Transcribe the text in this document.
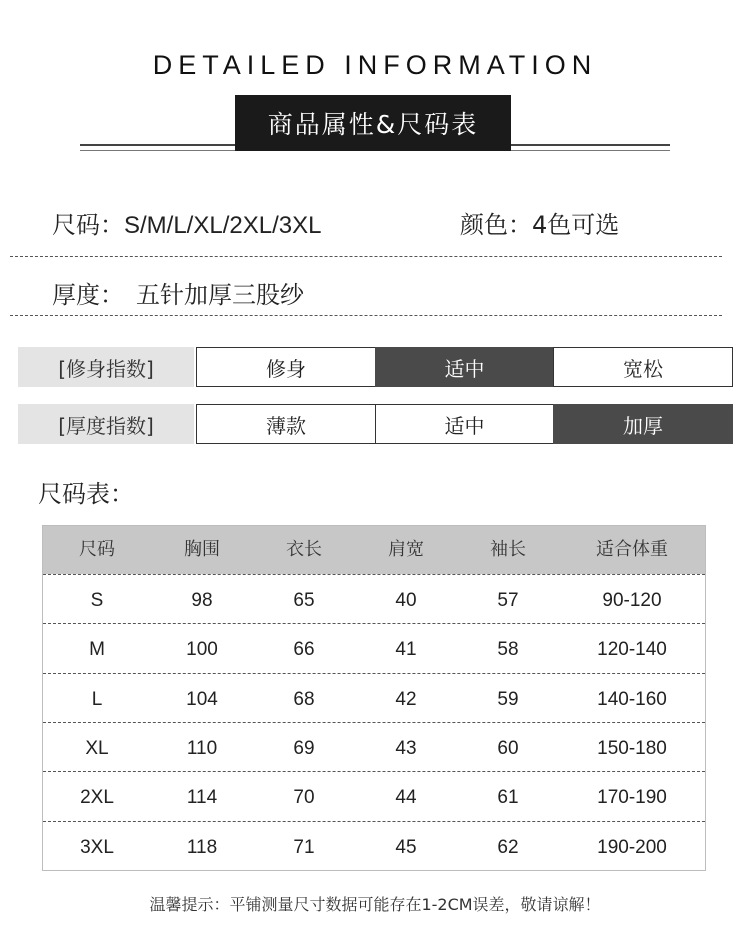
DETAILED INFORMATION
商品属性&尺码表
尺码：S/M/L/XL/2XL/3XL	颜色：4色可选
厚度： 五针加厚三股纱
[修身指数]	修身	适中	宽松
[厚度指数]	薄款	适中	加厚
尺码表：
尺码	胸围	衣长	肩宽	袖长	适合体重
S	98	65	40	57	90-120
M	100	66	41	58	120-140
L	104	68	42	59	140-160
XL	110	69	43	60	150-180
2XL	114	70	44	61	170-190
3XL	118	71	45	62	190-200
温馨提示：平铺测量尺寸数据可能存在1-2CM误差，敬请谅解！
